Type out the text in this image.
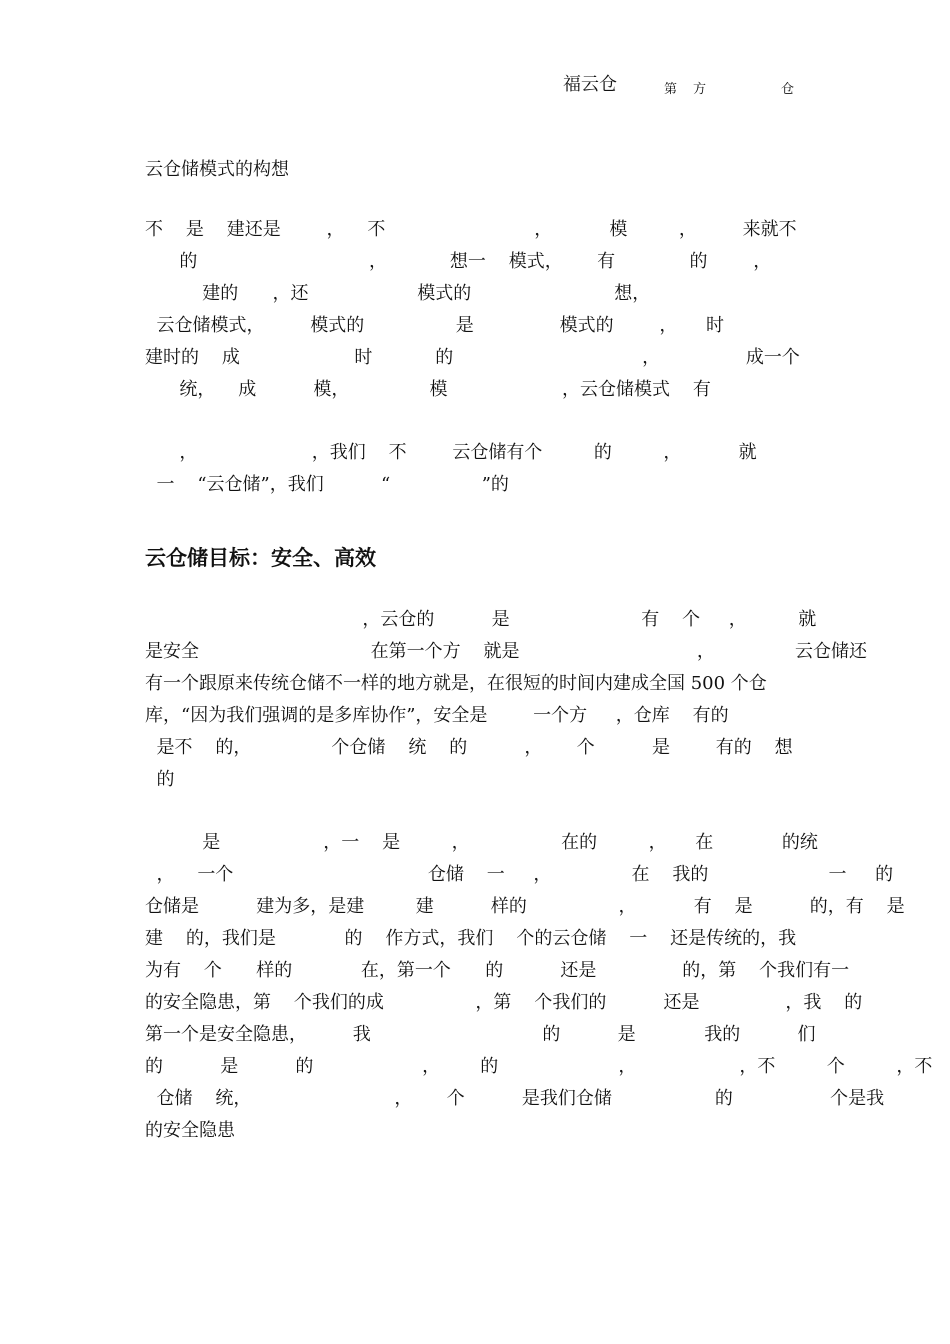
福云仓	第 方	仓
云仓储模式的构想
不    是    建还是        ，    不                          ，          模         ，        来就不
的                              ，           想一    模式，      有             的        ，
建的      ，还                   模式的                         想，
云仓储模式，        模式的                是               模式的        ，     时
建时的    成                    时           的                                 ，               成一个
统，    成          模，              模                    ，云仓储模式    有
，                    ，我们    不        云仓储有个         的         ，          就
一    “云仓储”，我们          “                ”的
云仓储目标：安全、高效
，云仓的          是                       有    个     ，         就
是安全                              在第一个方    就是                               ，              云仓储还
有一个跟原来传统仓储不一样的地方就是，在很短的时间内建成全国 500 个仓
库，“因为我们强调的是多库协作”，安全是        一个方     ，仓库    有的
是不    的，              个仓储    统    的          ，      个          是        有的    想
的
是                  ，一    是         ，                在的         ，     在            的统
，    一个                                  仓储    一     ，              在    我的                     一     的
仓储是          建为多，是建         建          样的                ，          有    是          的，有    是
建    的，我们是            的    作方式，我们    个的云仓储    一    还是传统的，我
为有    个      样的            在，第一个      的          还是               的，第    个我们有一
的安全隐患，第    个我们的成                ，第    个我们的          还是               ，我    的
第一个是安全隐患，        我                              的          是            我的          们
的          是          的                   ，       的                     ，                  ，不         个         ，不
仓储    统，                         ，      个          是我们仓储                  的                 个是我
的安全隐患
